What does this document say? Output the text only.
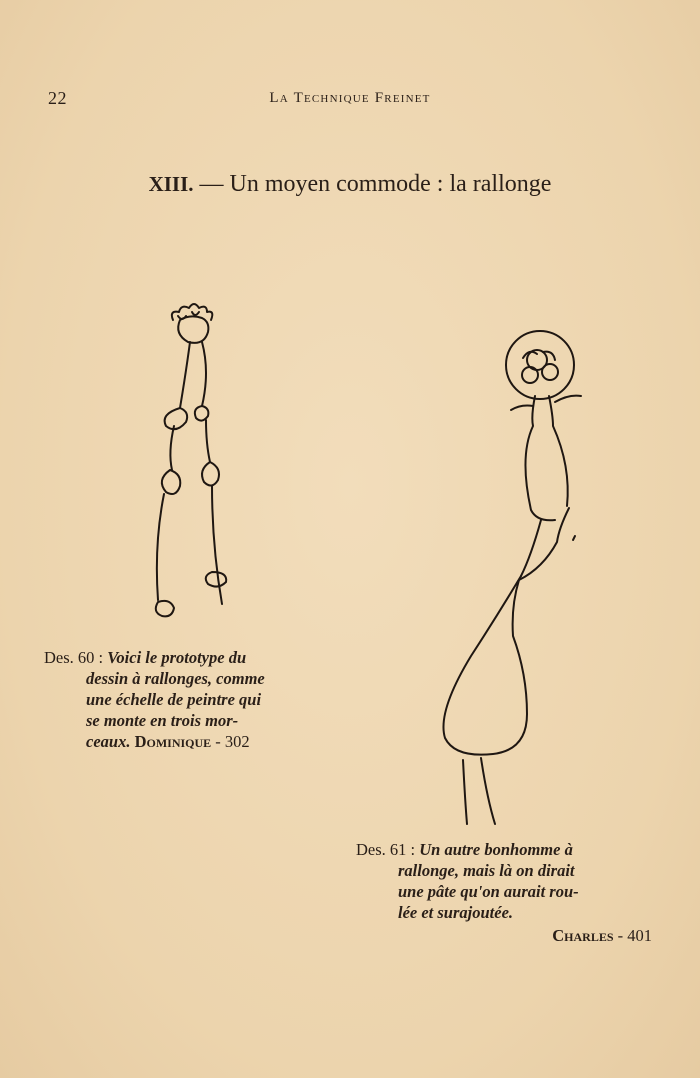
22	La Technique Freinet
XIII. — Un moyen commode : la rallonge
Des. 60 : Voici le prototype du
dessin à rallonges, comme
une échelle de peintre qui
se monte en trois mor-
ceaux. Dominique - 302
Des. 61 : Un autre bonhomme à
rallonge, mais là on dirait
une pâte qu'on aurait rou-
lée et surajoutée.
Charles - 401
